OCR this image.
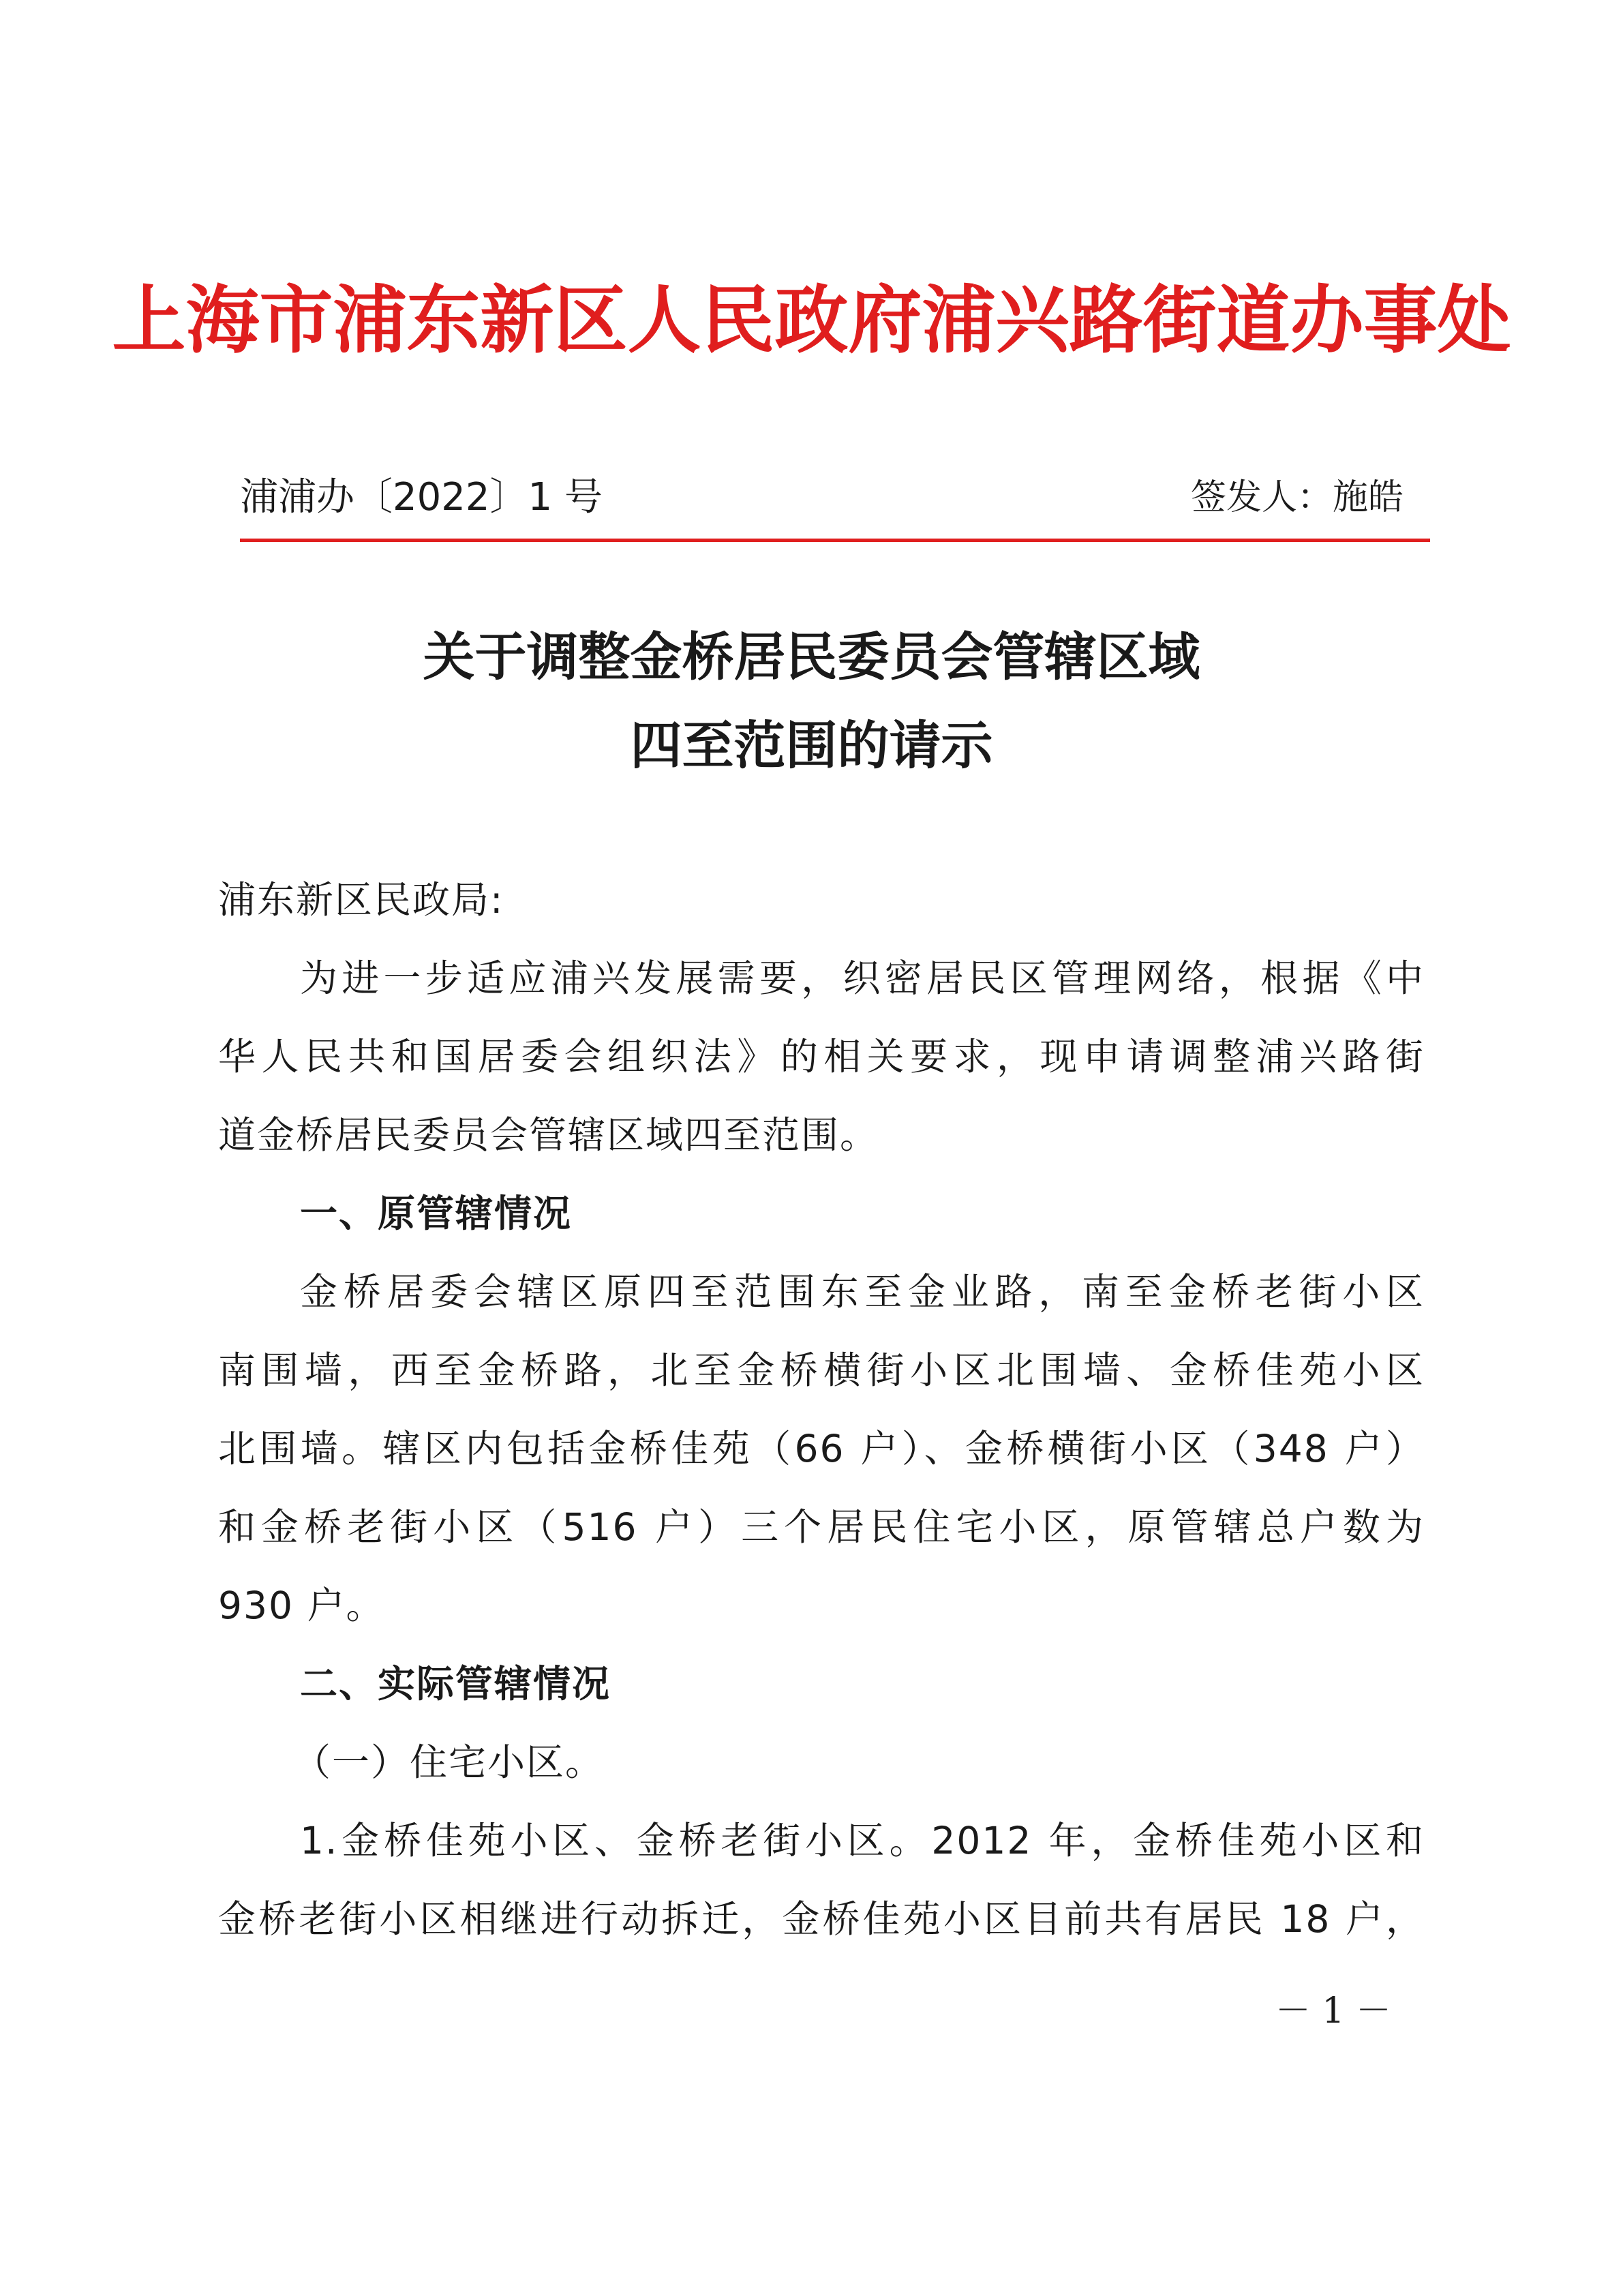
上海市浦东新区人民政府浦兴路街道办事处
浦浦办〔2022〕1 号	签发人：施皓
关于调整金桥居民委员会管辖区域
四至范围的请示
浦东新区民政局:
为进一步适应浦兴发展需要，织密居民区管理网络，根据《中
华人民共和国居委会组织法》的相关要求，现申请调整浦兴路街
道金桥居民委员会管辖区域四至范围。
一、原管辖情况
金桥居委会辖区原四至范围东至金业路，南至金桥老街小区
南围墙，西至金桥路，北至金桥横街小区北围墙、金桥佳苑小区
北围墙。辖区内包括金桥佳苑（66 户）、金桥横街小区（348 户）
和金桥老街小区（516 户）三个居民住宅小区，原管辖总户数为
930 户。
二、实际管辖情况
（一）住宅小区。
1.金桥佳苑小区、金桥老街小区。2012 年，金桥佳苑小区和
金桥老街小区相继进行动拆迁，金桥佳苑小区目前共有居民 18 户，
－ 1 －
